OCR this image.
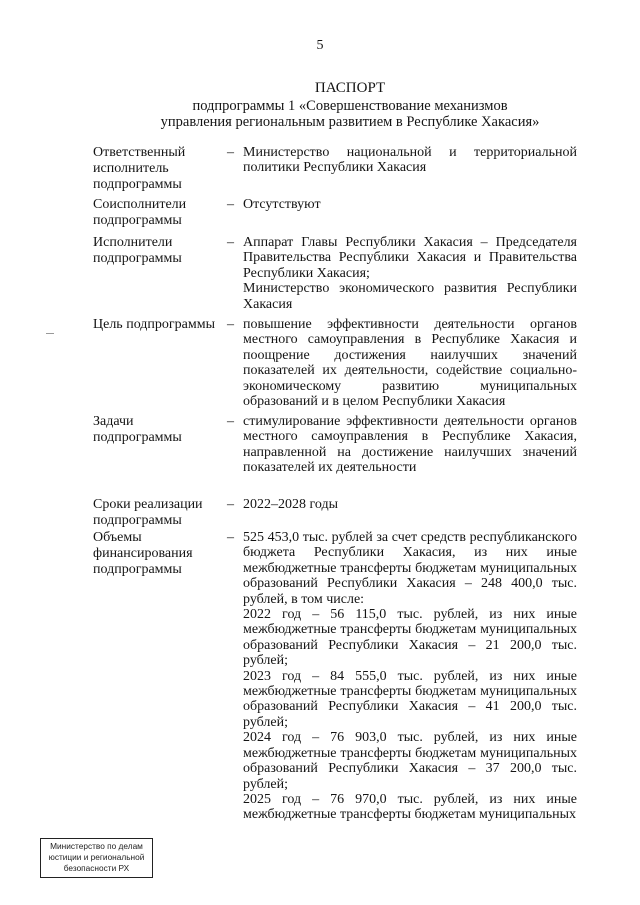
5
ПАСПОРТ
подпрограммы 1 «Совершенствование механизмов
управления региональным развитием в Республике Хакасия»
Ответственный исполнитель подпрограммы
– Министерство национальной и территориальной политики Республики Хакасия
Соисполнители подпрограммы
– Отсутствуют
Исполнители подпрограммы
– Аппарат Главы Республики Хакасия – Председателя Правительства Республики Хакасия и Правительства Республики Хакасия;
Министерство экономического развития Республики Хакасия
Цель подпрограммы – повышение эффективности деятельности органов местного самоуправления в Республике Хакасия и поощрение достижения наилучших значений показателей их деятельности, содействие социально-экономическому развитию муниципальных образований и в целом Республики Хакасия
Задачи подпрограммы
– стимулирование эффективности деятельности органов местного самоуправления в Республике Хакасия, направленной на достижение наилучших значений показателей их деятельности
Сроки реализации подпрограммы
– 2022–2028 годы
Объемы финансирования подпрограммы
– 525 453,0 тыс. рублей за счет средств республиканского бюджета Республики Хакасия, из них иные межбюджетные трансферты бюджетам муниципальных образований Республики Хакасия – 248 400,0 тыс. рублей, в том числе:
2022 год – 56 115,0 тыс. рублей, из них иные межбюджетные трансферты бюджетам муниципальных образований Республики Хакасия – 21 200,0 тыс. рублей;
2023 год – 84 555,0 тыс. рублей, из них иные межбюджетные трансферты бюджетам муниципальных образований Республики Хакасия – 41 200,0 тыс. рублей;
2024 год – 76 903,0 тыс. рублей, из них иные межбюджетные трансферты бюджетам муниципальных образований Республики Хакасия – 37 200,0 тыс. рублей;
2025 год – 76 970,0 тыс. рублей, из них иные межбюджетные трансферты бюджетам муниципальных
Министерство по делам
юстиции и региональной
безопасности РХ
